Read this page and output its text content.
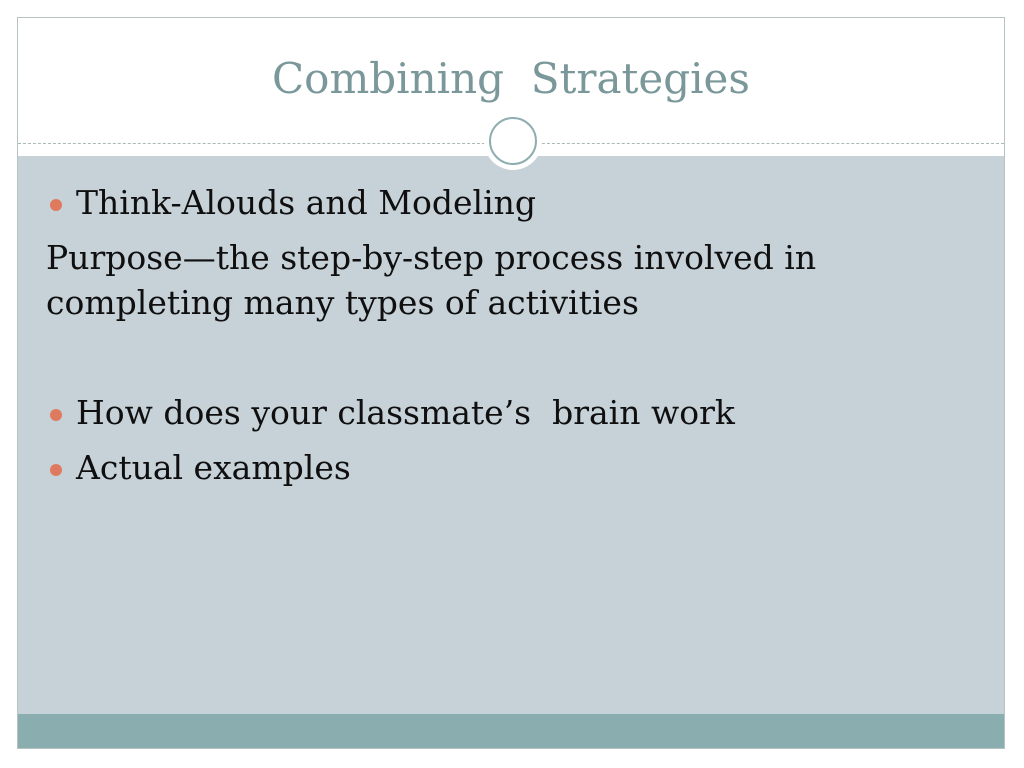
Combining  Strategies
Think-Alouds and Modeling
Purpose—the step-by-step process involved in completing many types of activities
How does your classmate’s  brain work
Actual examples
